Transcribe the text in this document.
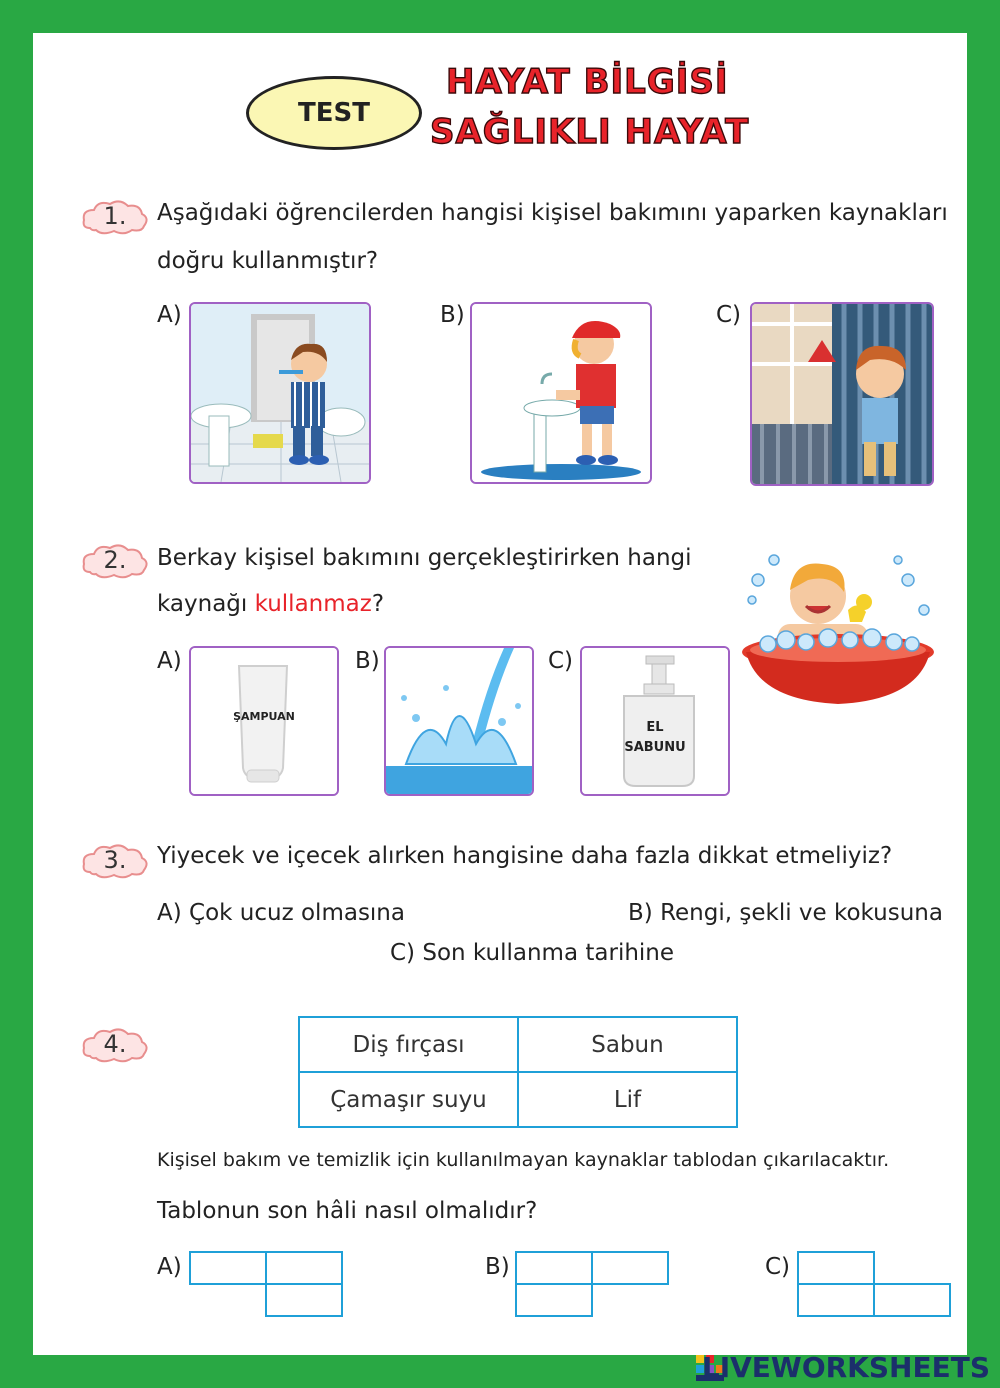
TEST
HAYAT BİLGİSİ
SAĞLIKLI HAYAT
1.	Aşağıdaki öğrencilerden hangisi kişisel bakımını yaparken kaynakları
doğru kullanmıştır?
A)	B)	C)
2.	Berkay kişisel bakımını gerçekleştirirken hangi
kaynağı kullanmaz?
A)
ŞAMPUAN
B)	C)
EL
SABUNU
3.	Yiyecek ve içecek alırken hangisine daha fazla dikkat etmeliyiz?
A) Çok ucuz olmasına	B) Rengi, şekli ve kokusuna
C) Son kullanma tarihine
4.	Diş fırçası	Sabun
Çamaşır suyu	Lif
Kişisel bakım ve temizlik için kullanılmayan kaynaklar tablodan çıkarılacaktır.
Tablonun son hâli nasıl olmalıdır?
A)	B)	C)
LIVEWORKSHEETS
